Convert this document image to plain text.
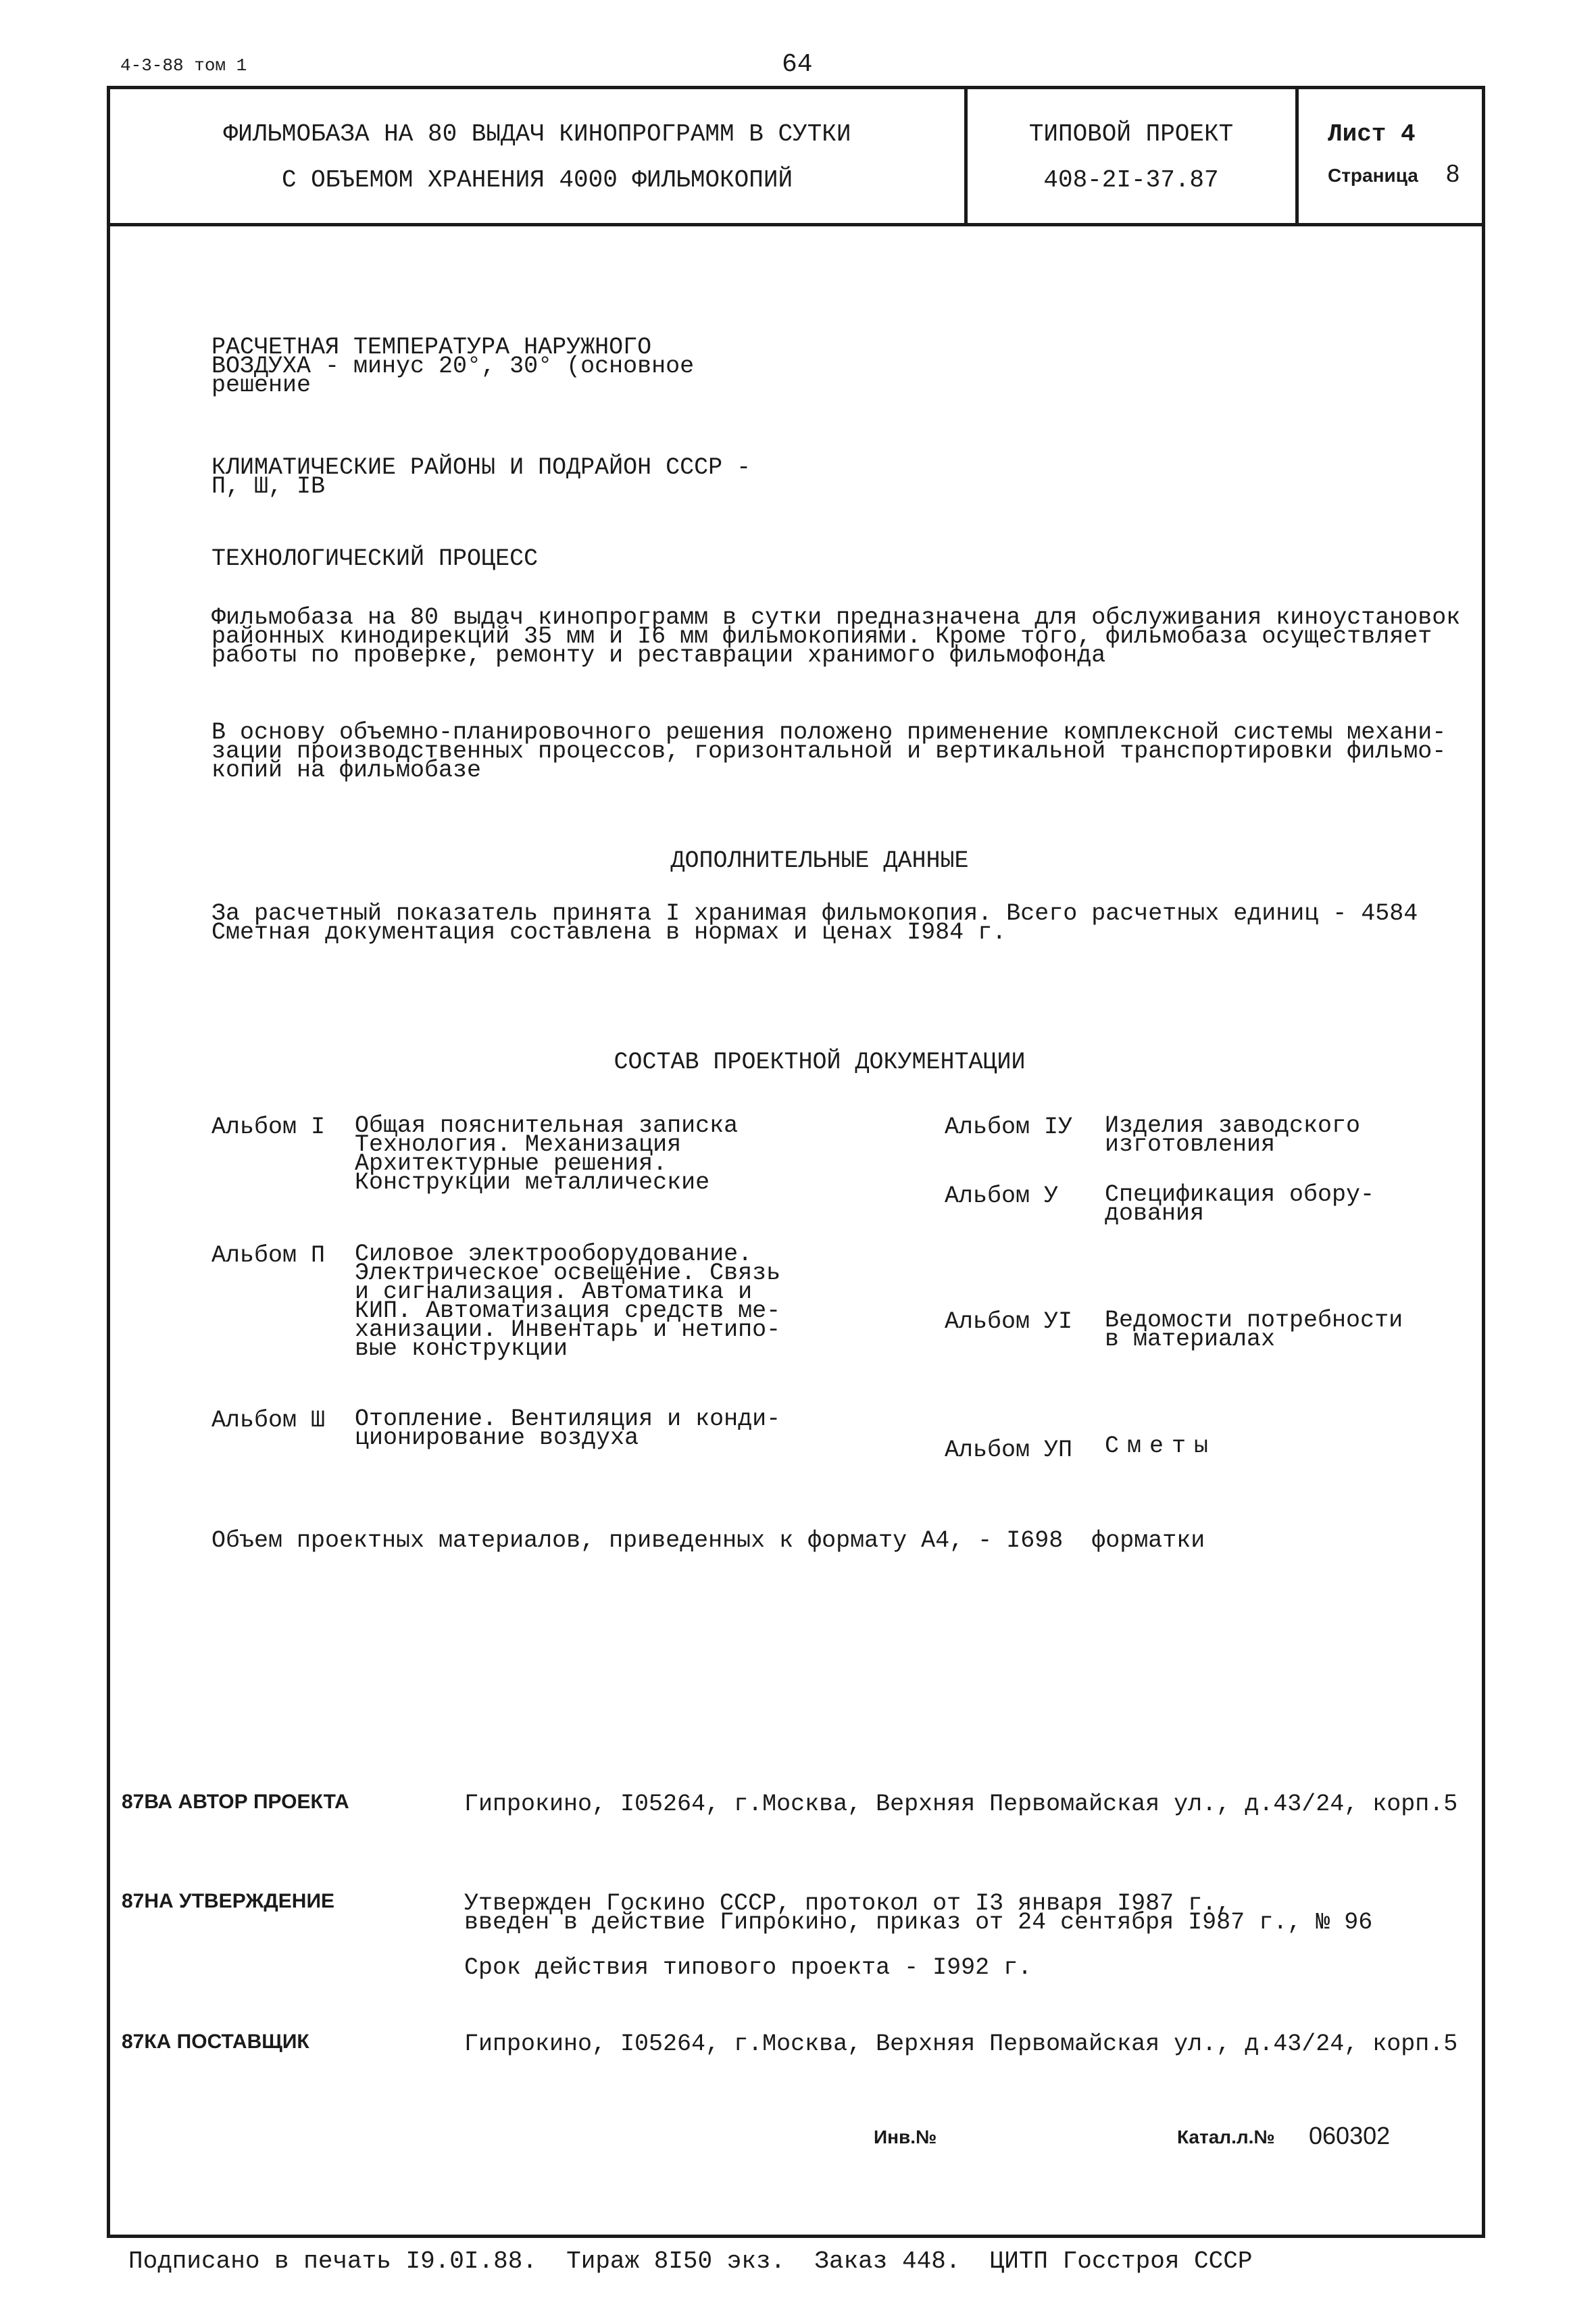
4-3-88 том 1	64
ФИЛЬМОБАЗА НА 80 ВЫДАЧ КИНОПРОГРАММ В СУТКИ
С ОБЪЕМОМ ХРАНЕНИЯ 4000 ФИЛЬМОКОПИЙ
ТИПОВОЙ ПРОЕКТ
408-2I-37.87
Лист 4
Страница 8
РАСЧЕТНАЯ ТЕМПЕРАТУРА НАРУЖНОГО
ВОЗДУХА - минус 20°, 30° (основное
решение
КЛИМАТИЧЕСКИЕ РАЙОНЫ И ПОДРАЙОН СССР -
П, Ш, IB
ТЕХНОЛОГИЧЕСКИЙ ПРОЦЕСС
Фильмобаза на 80 выдач кинопрограмм в сутки предназначена для обслуживания киноустановок
районных кинодирекций 35 мм и I6 мм фильмокопиями. Кроме того, фильмобаза осуществляет
работы по проверке, ремонту и реставрации хранимого фильмофонда
В основу объемно-планировочного решения положено применение комплексной системы механи-
зации производственных процессов, горизонтальной и вертикальной транспортировки фильмо-
копий на фильмобазе
ДОПОЛНИТЕЛЬНЫЕ ДАННЫЕ
За расчетный показатель принята I хранимая фильмокопия. Всего расчетных единиц - 4584
Сметная документация составлена в нормах и ценах I984 г.
СОСТАВ ПРОЕКТНОЙ ДОКУМЕНТАЦИИ
Альбом I Общая пояснительная записка
Технология. Механизация
Архитектурные решения.
Конструкции металлические
Альбом П Силовое электрооборудование.
Электрическое освещение. Связь
и сигнализация. Автоматика и
КИП. Автоматизация средств ме-
ханизации. Инвентарь и нетипо-
вые конструкции
Альбом Ш Отопление. Вентиляция и конди-
ционирование воздуха
Альбом IУ Изделия заводского
изготовления
Альбом У Спецификация обору-
дования
Альбом УI Ведомости потребности
в материалах
Альбом УП Сметы
Объем проектных материалов, приведенных к формату А4, - I698  форматки
87ВА АВТОР ПРОЕКТА	Гипрокино, I05264, г.Москва, Верхняя Первомайская ул., д.43/24, корп.5
87НА УТВЕРЖДЕНИЕ	Утвержден Госкино СССР, протокол от I3 января I987 г.,
введен в действие Гипрокино, приказ от 24 сентября I987 г., № 96
Срок действия типового проекта - I992 г.
87КА ПОСТАВЩИК	Гипрокино, I05264, г.Москва, Верхняя Первомайская ул., д.43/24, корп.5
Инв.№	Катал.л.№ 060302
Подписано в печать I9.0I.88.  Тираж 8I50 экз.  Заказ 448.  ЦИТП Госстроя СССР
